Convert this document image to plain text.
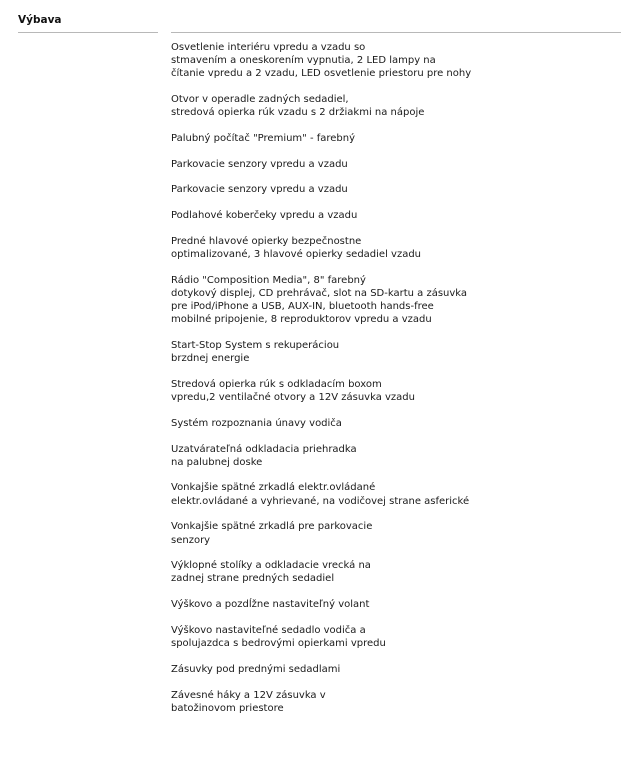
Výbava
Osvetlenie interiéru vpredu a vzadu so
stmavením a oneskorením vypnutia, 2 LED lampy na
čítanie vpredu a 2 vzadu, LED osvetlenie priestoru pre nohy
Otvor v operadle zadných sedadiel,
stredová opierka rúk vzadu s 2 držiakmi na nápoje
Palubný počítač "Premium" - farebný
Parkovacie senzory vpredu a vzadu
Parkovacie senzory vpredu a vzadu
Podlahové koberčeky vpredu a vzadu
Predné hlavové opierky bezpečnostne
optimalizované, 3 hlavové opierky sedadiel vzadu
Rádio "Composition Media", 8" farebný
dotykový displej, CD prehrávač, slot na SD-kartu a zásuvka
pre iPod/iPhone a USB, AUX-IN, bluetooth hands-free
mobilné pripojenie, 8 reproduktorov vpredu a vzadu
Start-Stop System s rekuperáciou
brzdnej energie
Stredová opierka rúk s odkladacím boxom
vpredu,2 ventilačné otvory a 12V zásuvka vzadu
Systém rozpoznania únavy vodiča
Uzatvárateľná odkladacia priehradka
na palubnej doske
Vonkajšie spätné zrkadlá elektr.ovládané
elektr.ovládané a vyhrievané, na vodičovej strane asferické
Vonkajšie spätné zrkadlá pre parkovacie
senzory
Výklopné stolíky a odkladacie vrecká na
zadnej strane predných sedadiel
Výškovo a pozdĺžne nastaviteľný volant
Výškovo nastaviteľné sedadlo vodiča a
spolujazdca s bedrovými opierkami vpredu
Zásuvky pod prednými sedadlami
Závesné háky a 12V zásuvka v
batožinovom priestore
